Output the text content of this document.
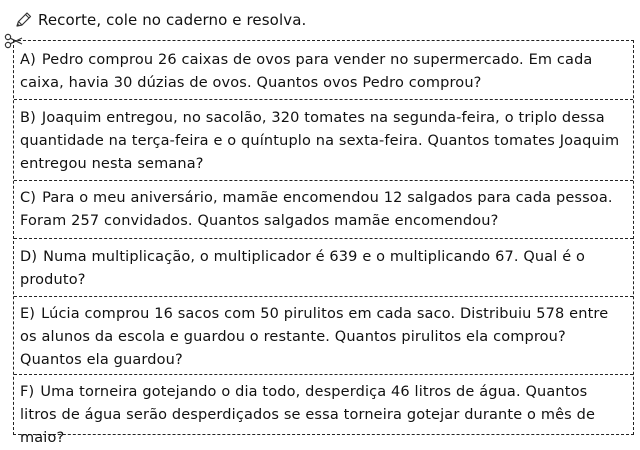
Recorte, cole no caderno e resolva.
A) Pedro comprou 26 caixas de ovos para vender no supermercado. Em cada caixa, havia 30 dúzias de ovos. Quantos ovos Pedro comprou?
B) Joaquim entregou, no sacolão, 320 tomates na segunda-feira, o triplo dessa quantidade na terça-feira e o quíntuplo na sexta-feira. Quantos tomates Joaquim entregou nesta semana?
C) Para o meu aniversário, mamãe encomendou 12 salgados para cada pessoa. Foram 257 convidados. Quantos salgados mamãe encomendou?
D) Numa multiplicação, o multiplicador é 639 e o multiplicando 67. Qual é o produto?
E) Lúcia comprou 16 sacos com 50 pirulitos em cada saco. Distribuiu 578 entre os alunos da escola e guardou o restante. Quantos pirulitos ela comprou? Quantos ela guardou?
F) Uma torneira gotejando o dia todo, desperdiça 46 litros de água. Quantos litros de água serão desperdiçados se essa torneira gotejar durante o mês de maio?
